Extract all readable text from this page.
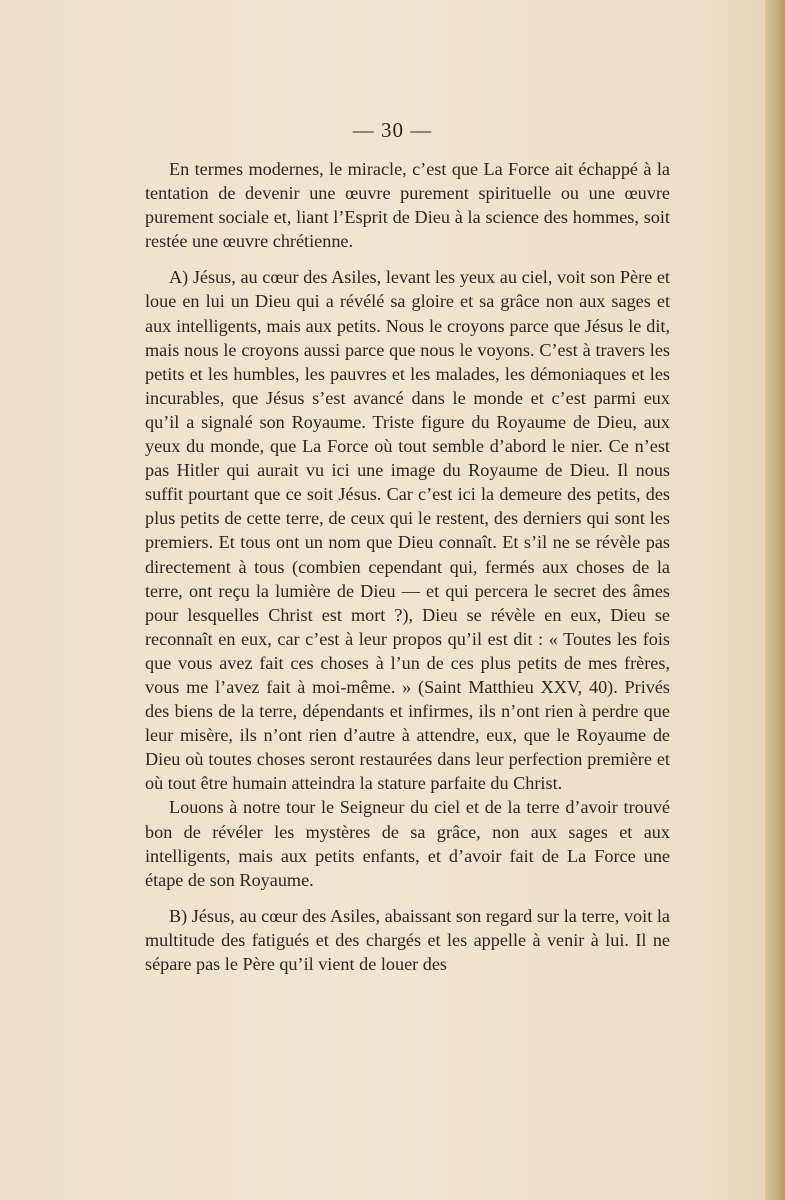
— 30 —

En termes modernes, le miracle, c’est que La Force ait échappé à la tentation de devenir une œuvre purement spirituelle ou une œuvre purement sociale et, liant l’Esprit de Dieu à la science des hommes, soit restée une œuvre chrétienne.

A) Jésus, au cœur des Asiles, levant les yeux au ciel, voit son Père et loue en lui un Dieu qui a révélé sa gloire et sa grâce non aux sages et aux intelligents, mais aux petits. Nous le croyons parce que Jésus le dit, mais nous le croyons aussi parce que nous le voyons. C’est à travers les petits et les humbles, les pauvres et les malades, les démoniaques et les incurables, que Jésus s’est avancé dans le monde et c’est parmi eux qu’il a signalé son Royaume. Triste figure du Royaume de Dieu, aux yeux du monde, que La Force où tout semble d’abord le nier. Ce n’est pas Hitler qui aurait vu ici une image du Royaume de Dieu. Il nous suffit pourtant que ce soit Jésus. Car c’est ici la demeure des petits, des plus petits de cette terre, de ceux qui le restent, des derniers qui sont les premiers. Et tous ont un nom que Dieu connaît. Et s’il ne se révèle pas directement à tous (combien cependant qui, fermés aux choses de la terre, ont reçu la lumière de Dieu — et qui percera le secret des âmes pour lesquelles Christ est mort ?), Dieu se révèle en eux, Dieu se reconnaît en eux, car c’est à leur propos qu’il est dit : « Toutes les fois que vous avez fait ces choses à l’un de ces plus petits de mes frères, vous me l’avez fait à moi-même. » (Saint Matthieu XXV, 40). Privés des biens de la terre, dépendants et infirmes, ils n’ont rien à perdre que leur misère, ils n’ont rien d’autre à attendre, eux, que le Royaume de Dieu où toutes choses seront restaurées dans leur perfection première et où tout être humain atteindra la stature parfaite du Christ.

Louons à notre tour le Seigneur du ciel et de la terre d’avoir trouvé bon de révéler les mystères de sa grâce, non aux sages et aux intelligents, mais aux petits enfants, et d’avoir fait de La Force une étape de son Royaume.

B) Jésus, au cœur des Asiles, abaissant son regard sur la terre, voit la multitude des fatigués et des chargés et les appelle à venir à lui. Il ne sépare pas le Père qu’il vient de louer des
